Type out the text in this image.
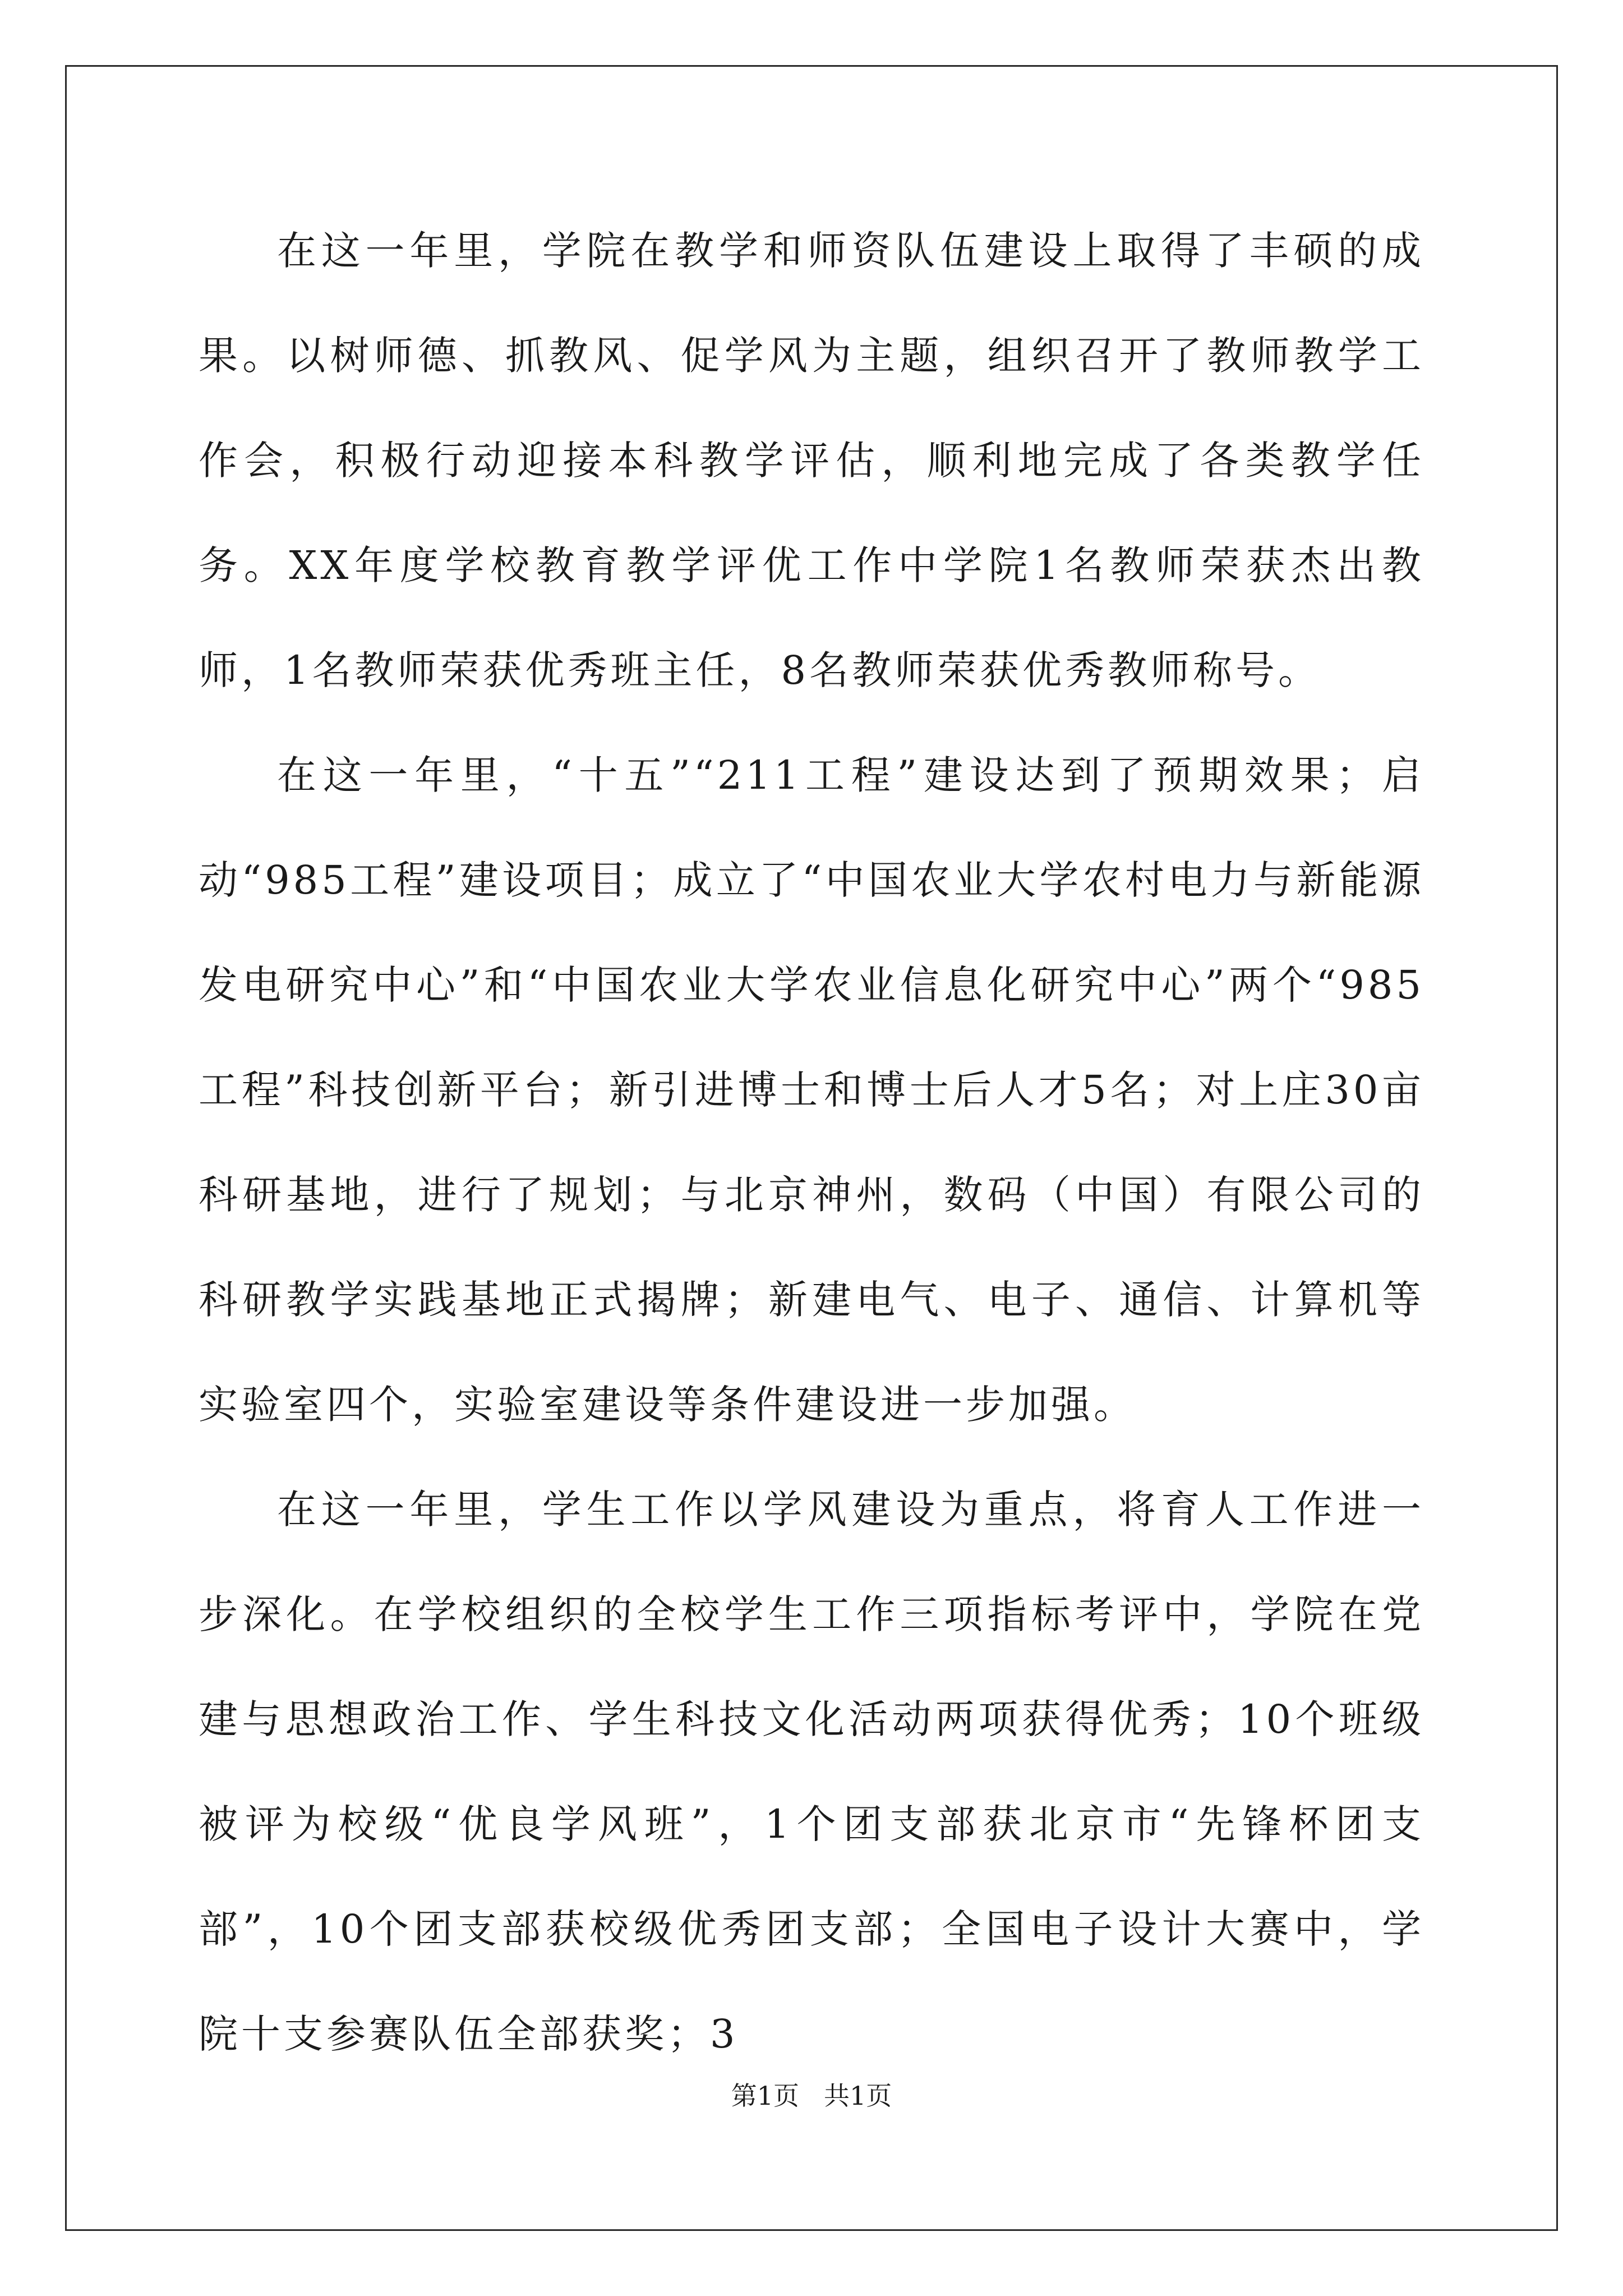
在这一年里，学院在教学和师资队伍建设上取得了丰硕的成果。以树师德、抓教风、促学风为主题，组织召开了教师教学工作会，积极行动迎接本科教学评估，顺利地完成了各类教学任务。XX年度学校教育教学评优工作中学院1名教师荣获杰出教师，1名教师荣获优秀班主任，8名教师荣获优秀教师称号。

在这一年里，“十五”“211工程”建设达到了预期效果；启动“985工程”建设项目；成立了“中国农业大学农村电力与新能源发电研究中心”和“中国农业大学农业信息化研究中心”两个“985工程”科技创新平台；新引进博士和博士后人才5名；对上庄30亩科研基地，进行了规划；与北京神州，数码（中国）有限公司的科研教学实践基地正式揭牌；新建电气、电子、通信、计算机等实验室四个，实验室建设等条件建设进一步加强。

在这一年里，学生工作以学风建设为重点，将育人工作进一步深化。在学校组织的全校学生工作三项指标考评中，学院在党建与思想政治工作、学生科技文化活动两项获得优秀；10个班级被评为校级“优良学风班”，1个团支部获北京市“先锋杯团支部”，10个团支部获校级优秀团支部；全国电子设计大赛中，学院十支参赛队伍全部获奖；3

第1页 共1页
